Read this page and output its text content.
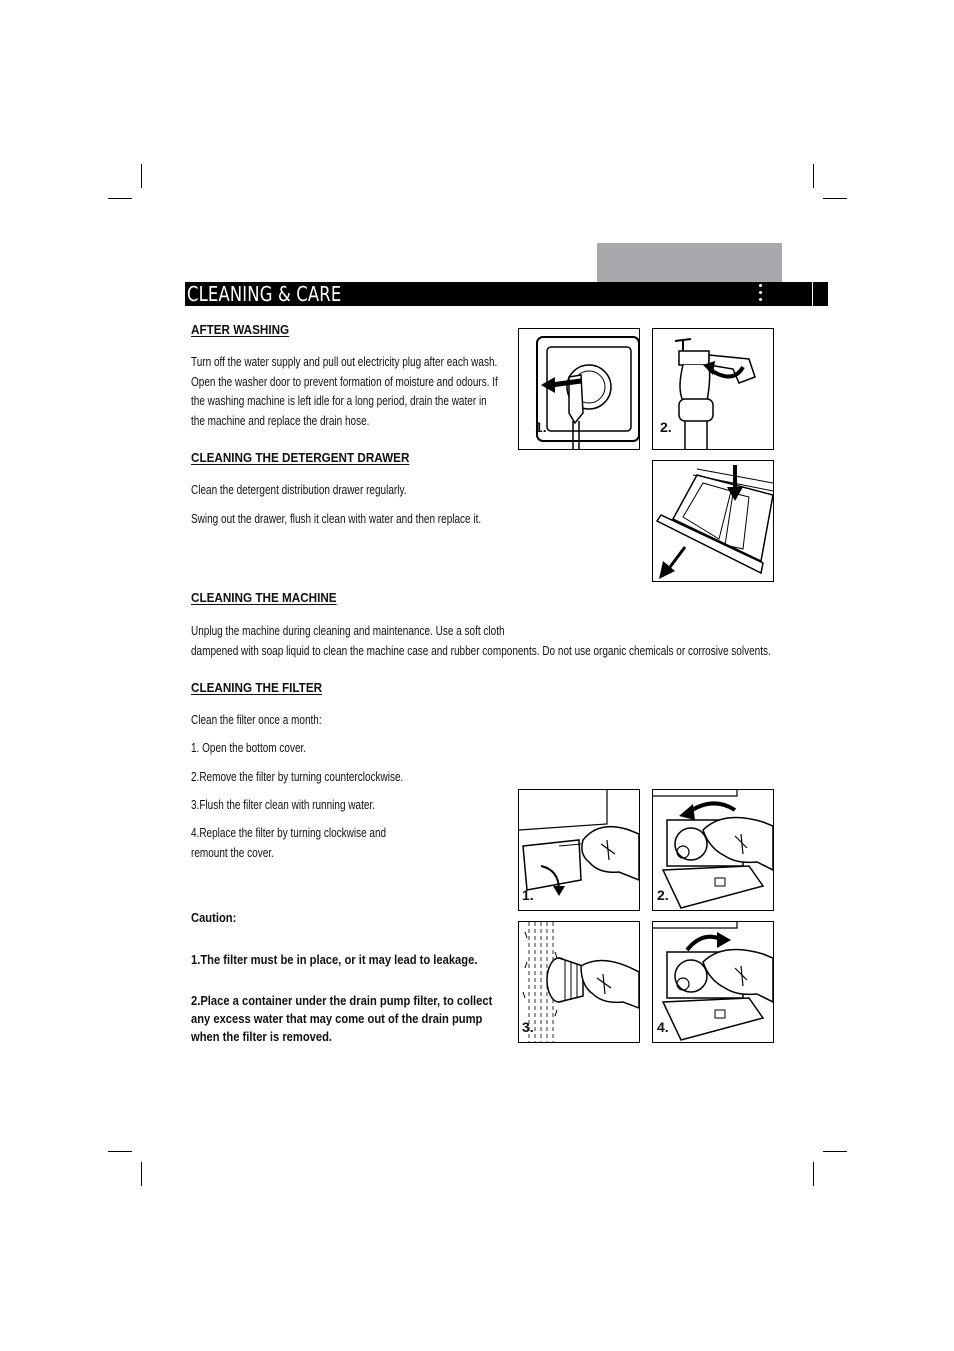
CLEANING & CARE
AFTER WASHING
Turn off the water supply and pull out electricity plug after each wash.
Open the washer door to prevent formation of moisture and odours. If
the washing machine is left idle for a long period, drain the water in
the machine and replace the drain hose.	1.	2.
CLEANING THE DETERGENT DRAWER

Clean the detergent distribution drawer regularly.

Swing out the drawer, flush it clean with water and then replace it.

CLEANING THE MACHINE
Unplug the machine during cleaning and maintenance. Use a soft cloth
dampened with soap liquid to clean the machine case and rubber components. Do not use organic chemicals or corrosive solvents.
CLEANING THE FILTER

Clean the filter once a month:

1. Open the bottom cover.

2.Remove the filter by turning counterclockwise.

3.Flush the filter clean with running water.

4.Replace the filter by turning clockwise and
remount the cover.
1.	2.
3.	4.

Caution:

1.The filter must be in place, or it may lead to leakage.

2.Place a container under the drain pump filter, to collect
any excess water that may come out of the drain pump
when the filter is removed.
